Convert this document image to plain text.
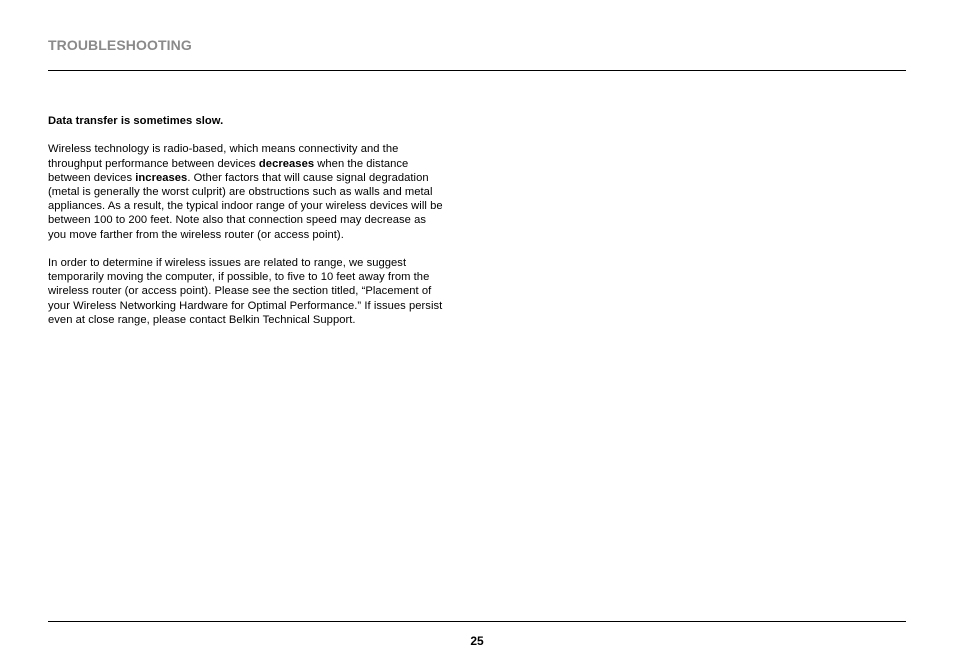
TROUBLESHOOTING
Data transfer is sometimes slow.

Wireless technology is radio-based, which means connectivity and the throughput performance between devices decreases when the distance between devices increases. Other factors that will cause signal degradation (metal is generally the worst culprit) are obstructions such as walls and metal appliances. As a result, the typical indoor range of your wireless devices will be between 100 to 200 feet. Note also that connection speed may decrease as you move farther from the wireless router (or access point).

In order to determine if wireless issues are related to range, we suggest temporarily moving the computer, if possible, to five to 10 feet away from the wireless router (or access point). Please see the section titled, “Placement of your Wireless Networking Hardware for Optimal Performance.” If issues persist even at close range, please contact Belkin Technical Support.

25
